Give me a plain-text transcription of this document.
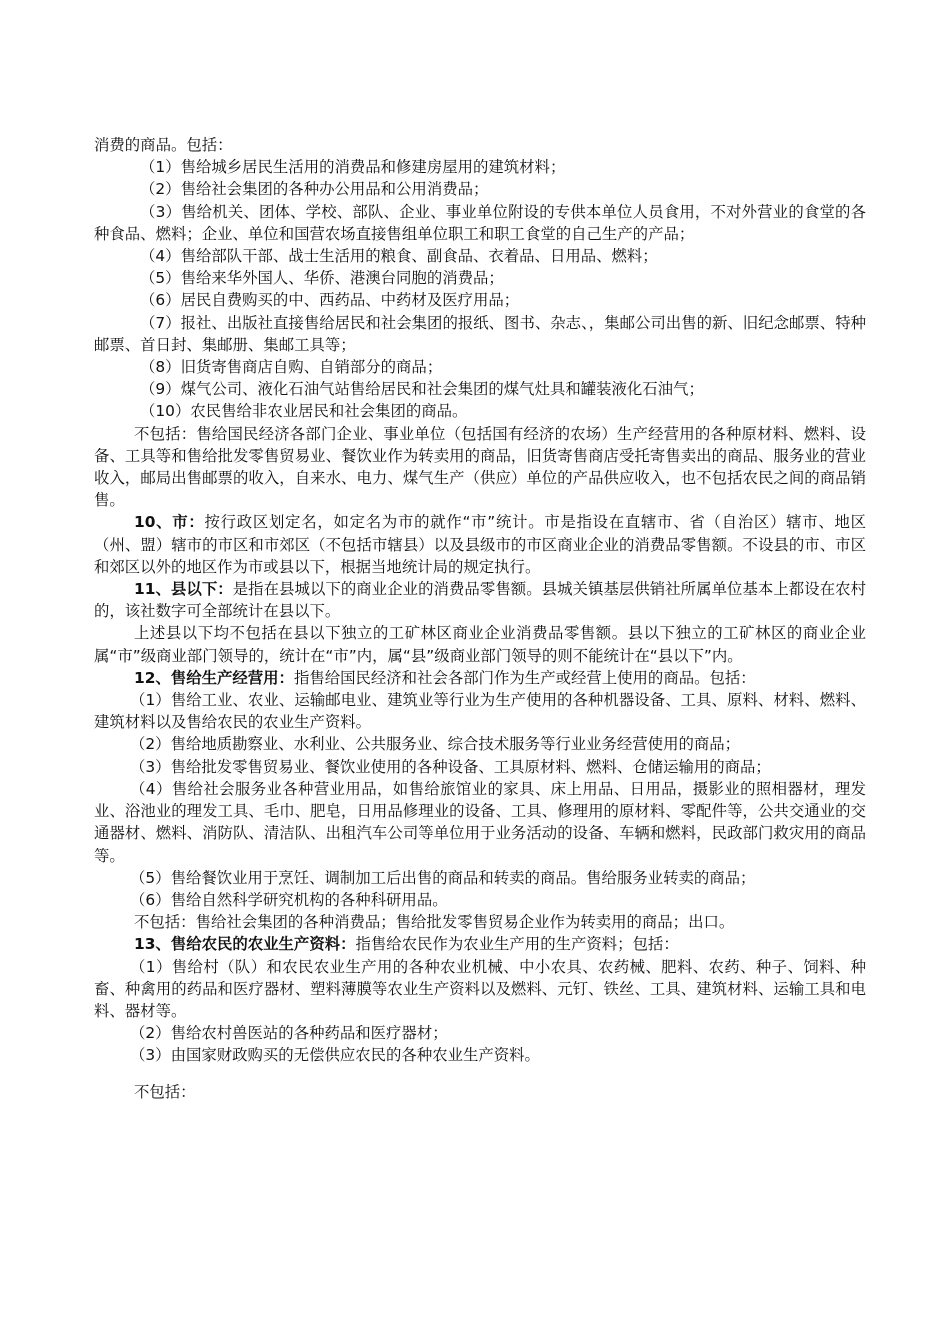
消费的商品。包括：

（1）售给城乡居民生活用的消费品和修建房屋用的建筑材料；

（2）售给社会集团的各种办公用品和公用消费品；

（3）售给机关、团体、学校、部队、企业、事业单位附设的专供本单位人员食用，不对外营业的食堂的各种食品、燃料；企业、单位和国营农场直接售组单位职工和职工食堂的自己生产的产品；

（4）售给部队干部、战士生活用的粮食、副食品、衣着品、日用品、燃料；

（5）售给来华外国人、华侨、港澳台同胞的消费品；

（6）居民自费购买的中、西药品、中药材及医疗用品；

（7）报社、出版社直接售给居民和社会集团的报纸、图书、杂志、，集邮公司出售的新、旧纪念邮票、特种邮票、首日封、集邮册、集邮工具等；

（8）旧货寄售商店自购、自销部分的商品；

（9）煤气公司、液化石油气站售给居民和社会集团的煤气灶具和罐装液化石油气；

（10）农民售给非农业居民和社会集团的商品。

不包括：售给国民经济各部门企业、事业单位（包括国有经济的农场）生产经营用的各种原材料、燃料、设备、工具等和售给批发零售贸易业、餐饮业作为转卖用的商品，旧货寄售商店受托寄售卖出的商品、服务业的营业收入，邮局出售邮票的收入，自来水、电力、煤气生产（供应）单位的产品供应收入，也不包括农民之间的商品销售。

10、市：按行政区划定名，如定名为市的就作“市”统计。市是指设在直辖市、省（自治区）辖市、地区（州、盟）辖市的市区和市郊区（不包括市辖县）以及县级市的市区商业企业的消费品零售额。不设县的市、市区和郊区以外的地区作为市或县以下，根据当地统计局的规定执行。

11、县以下：是指在县城以下的商业企业的消费品零售额。县城关镇基层供销社所属单位基本上都设在农村的，该社数字可全部统计在县以下。

上述县以下均不包括在县以下独立的工矿林区商业企业消费品零售额。县以下独立的工矿林区的商业企业属“市”级商业部门领导的，统计在“市”内，属“县”级商业部门领导的则不能统计在“县以下”内。

12、售给生产经营用：指售给国民经济和社会各部门作为生产或经营上使用的商品。包括：

（1）售给工业、农业、运输邮电业、建筑业等行业为生产使用的各种机器设备、工具、原料、材料、燃料、建筑材料以及售给农民的农业生产资料。

（2）售给地质勘察业、水利业、公共服务业、综合技术服务等行业业务经营使用的商品；

（3）售给批发零售贸易业、餐饮业使用的各种设备、工具原材料、燃料、仓储运输用的商品；

（4）售给社会服务业各种营业用品，如售给旅馆业的家具、床上用品、日用品，摄影业的照相器材，理发业、浴池业的理发工具、毛巾、肥皂，日用品修理业的设备、工具、修理用的原材料、零配件等，公共交通业的交通器材、燃料、消防队、清洁队、出租汽车公司等单位用于业务活动的设备、车辆和燃料，民政部门救灾用的商品等。

（5）售给餐饮业用于烹饪、调制加工后出售的商品和转卖的商品。售给服务业转卖的商品；

（6）售给自然科学研究机构的各种科研用品。

不包括：售给社会集团的各种消费品；售给批发零售贸易企业作为转卖用的商品；出口。

13、售给农民的农业生产资料：指售给农民作为农业生产用的生产资料；包括：

（1）售给村（队）和农民农业生产用的各种农业机械、中小农具、农药械、肥料、农药、种子、饲料、种畜、种禽用的药品和医疗器材、塑料薄膜等农业生产资料以及燃料、元钉、铁丝、工具、建筑材料、运输工具和电料、器材等。

（2）售给农村兽医站的各种药品和医疗器材；

（3）由国家财政购买的无偿供应农民的各种农业生产资料。

不包括：
